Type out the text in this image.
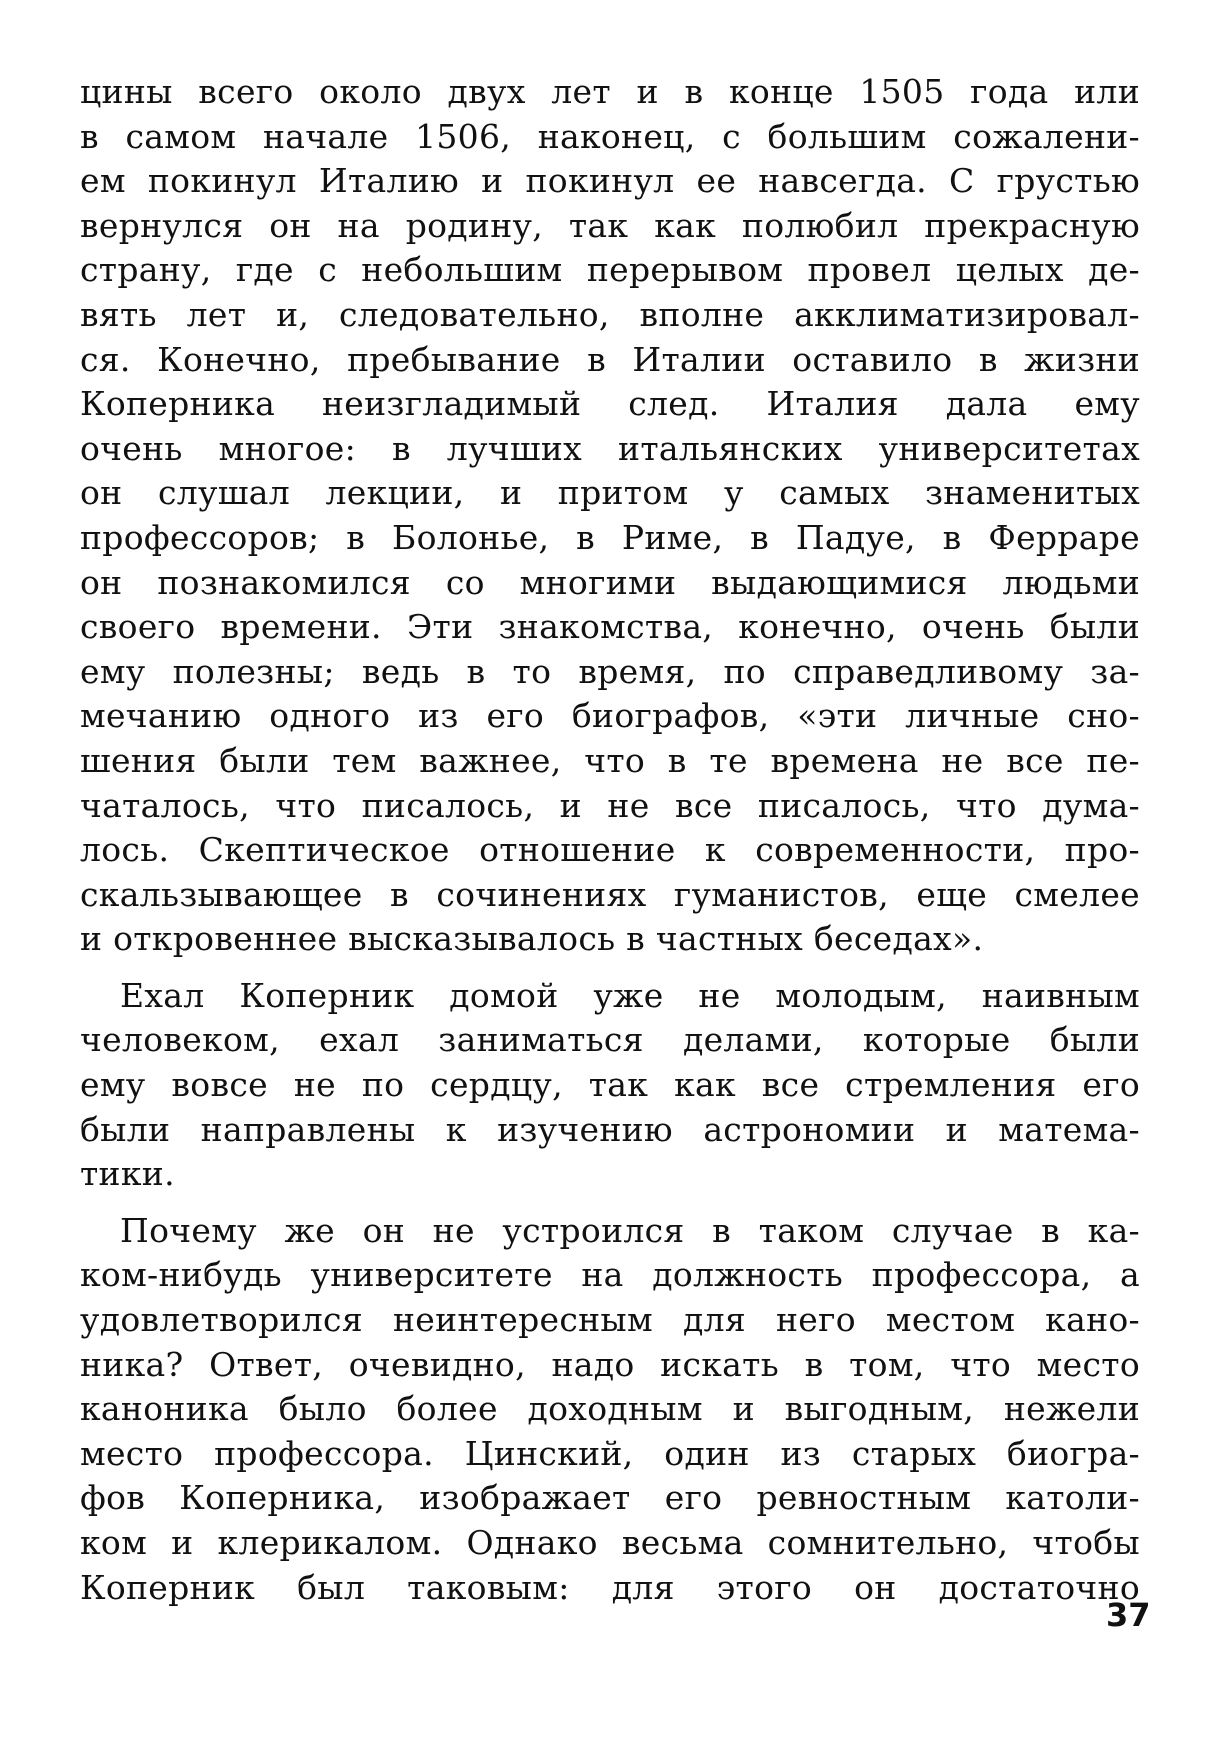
цины всего около двух лет и в конце 1505 года или
в самом начале 1506, наконец, с большим сожалени-
ем покинул Италию и покинул ее навсегда. С грустью
вернулся он на родину, так как полюбил прекрасную
страну, где с небольшим перерывом провел целых де-
вять лет и, следовательно, вполне акклиматизировал-
ся. Конечно, пребывание в Италии оставило в жизни
Коперника неизгладимый след. Италия дала ему
очень многое: в лучших итальянских университетах
он слушал лекции, и притом у самых знаменитых
профессоров; в Болонье, в Риме, в Падуе, в Ферраре
он познакомился со многими выдающимися людьми
своего времени. Эти знакомства, конечно, очень были
ему полезны; ведь в то время, по справедливому за-
мечанию одного из его биографов, «эти личные сно-
шения были тем важнее, что в те времена не все пе-
чаталось, что писалось, и не все писалось, что дума-
лось. Скептическое отношение к современности, про-
скальзывающее в сочинениях гуманистов, еще смелее
и откровеннее высказывалось в частных беседах».
Ехал Коперник домой уже не молодым, наивным
человеком, ехал заниматься делами, которые были
ему вовсе не по сердцу, так как все стремления его
были направлены к изучению астрономии и матема-
тики.
Почему же он не устроился в таком случае в ка-
ком-нибудь университете на должность профессора, а
удовлетворился неинтересным для него местом кано-
ника? Ответ, очевидно, надо искать в том, что место
каноника было более доходным и выгодным, нежели
место профессора. Цинский, один из старых биогра-
фов Коперника, изображает его ревностным католи-
ком и клерикалом. Однако весьма сомнительно, чтобы
Коперник был таковым: для этого он достаточно
37
